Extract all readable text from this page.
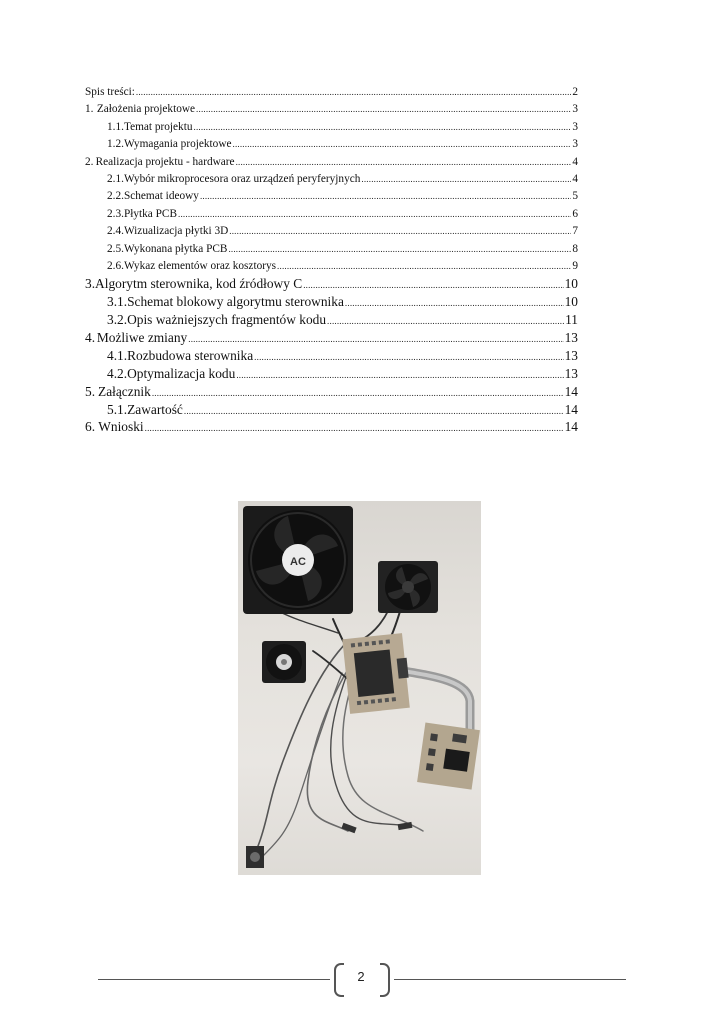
Spis treści: .....	2
1. Założenia projektowe .....	3
1.1. Temat projektu .....	3
1.2. Wymagania projektowe .....	3
2. Realizacja projektu - hardware .....	4
2.1. Wybór mikroprocesora oraz urządzeń peryferyjnych .....	4
2.2. Schemat ideowy .....	5
2.3. Płytka PCB .....	6
2.4. Wizualizacja płytki 3D .....	7
2.5. Wykonana płytka PCB .....	8
2.6. Wykaz elementów oraz kosztorys .....	9
3. Algorytm sterownika, kod źródłowy C .....	10
3.1. Schemat blokowy algorytmu sterownika .....	10
3.2. Opis ważniejszych fragmentów kodu .....	11
4. Możliwe zmiany .....	13
4.1. Rozbudowa sterownika .....	13
4.2. Optymalizacja kodu .....	13
5. Załącznik .....	14
5.1. Zawartość .....	14
6. Wnioski .....	14
AC
2
